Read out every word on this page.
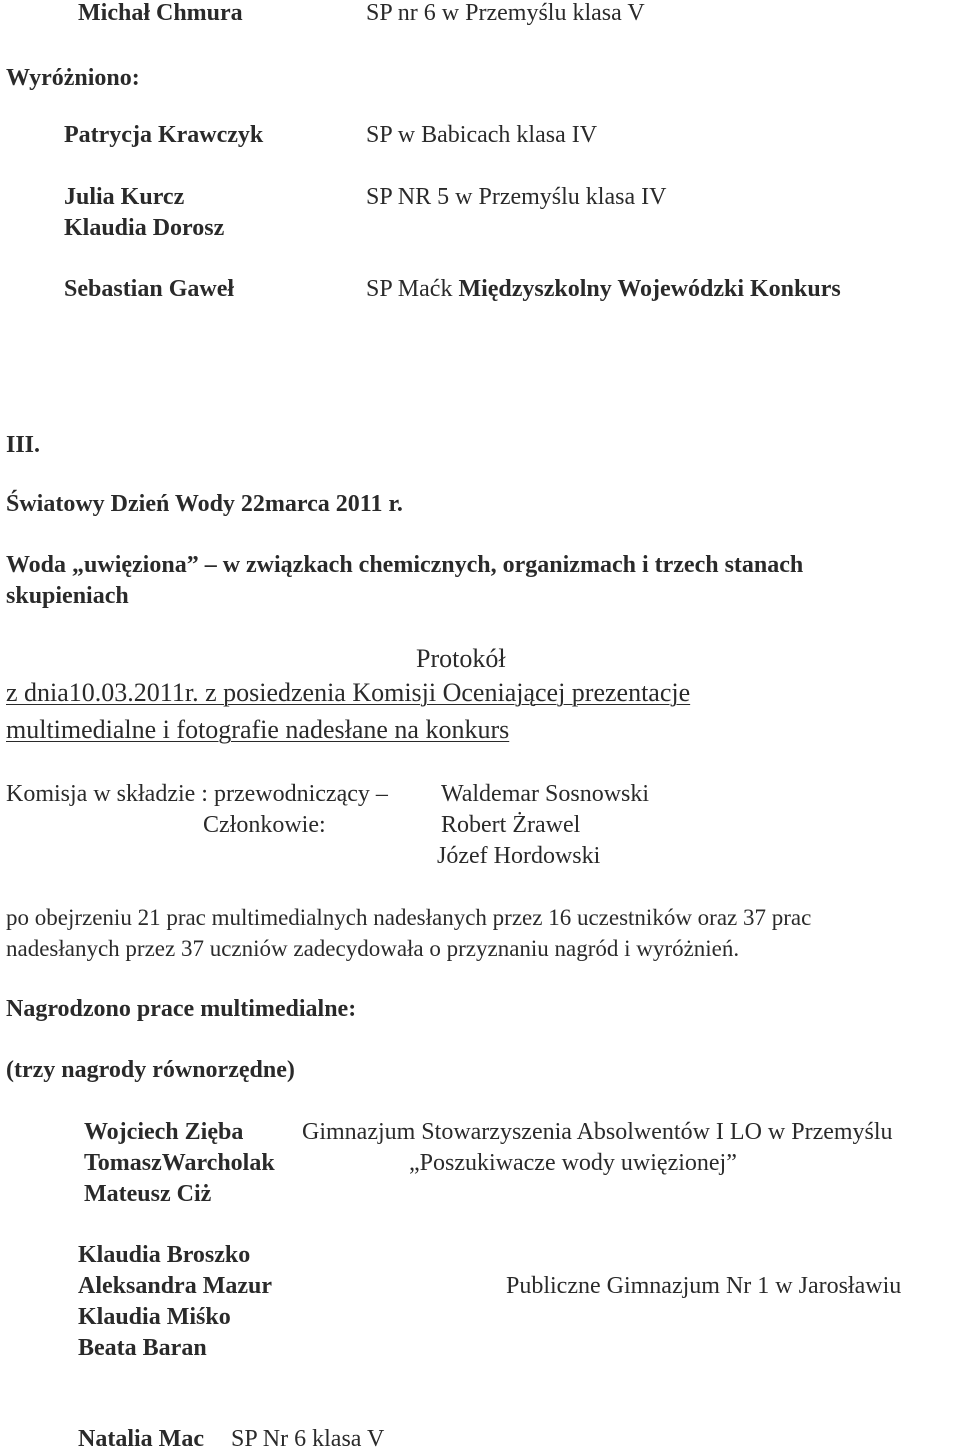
Michał Chmura	SP nr 6 w Przemyślu klasa V
Wyróżniono:
Patrycja Krawczyk	SP w Babicach klasa IV
Julia Kurcz	SP NR 5 w Przemyślu klasa IV
Klaudia Dorosz
Sebastian Gaweł	SP Maćk Międzyszkolny Wojewódzki Konkurs
III.
Światowy Dzień Wody 22marca 2011 r.
Woda „uwięziona” – w związkach chemicznych, organizmach i trzech stanach
skupieniach
Protokół
z dnia10.03.2011r. z posiedzenia Komisji Oceniającej prezentacje
multimedialne i fotografie nadesłane na konkurs
Komisja w składzie : przewodniczący – Waldemar Sosnowski
Członkowie:	Robert Żrawel
Józef Hordowski
po obejrzeniu 21 prac multimedialnych nadesłanych przez 16 uczestników oraz 37 prac
nadesłanych przez 37 uczniów zadecydowała o przyznaniu nagród i wyróżnień.
Nagrodzono prace multimedialne:
(trzy nagrody równorzędne)
Wojciech Zięba Gimnazjum Stowarzyszenia Absolwentów I LO w Przemyślu
TomaszWarcholak	„Poszukiwacze wody uwięzionej”
Mateusz Ciż
Klaudia Broszko
Aleksandra Mazur	Publiczne Gimnazjum Nr 1 w Jarosławiu
Klaudia Miśko
Beata Baran
Natalia Mac SP Nr 6 klasa V
